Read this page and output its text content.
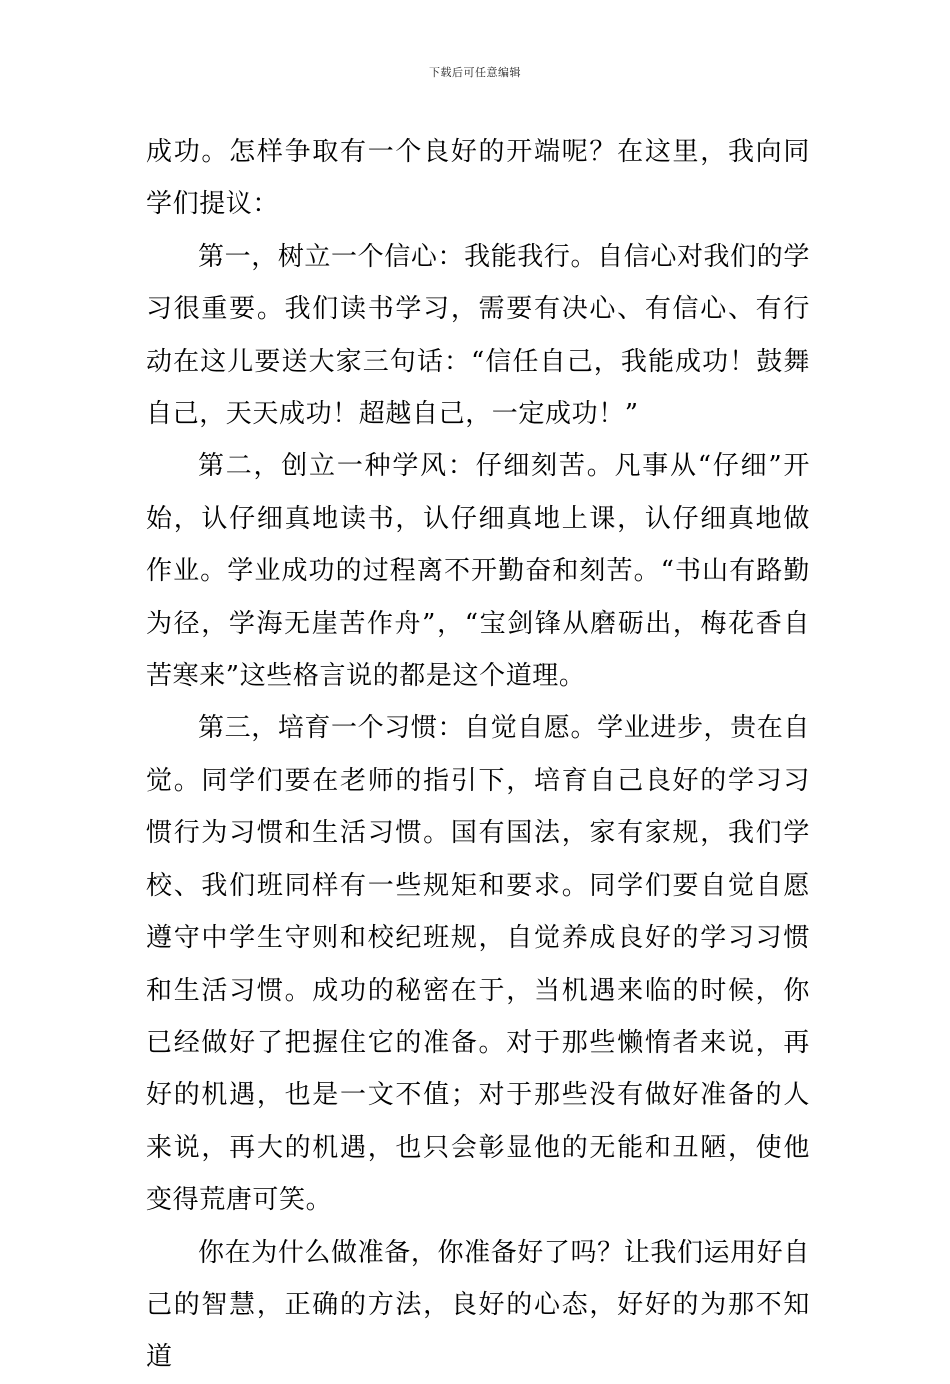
下载后可任意编辑

成功。怎样争取有一个良好的开端呢？在这里，我向同学们提议：

第一，树立一个信心：我能我行。自信心对我们的学习很重要。我们读书学习，需要有决心、有信心、有行动在这儿要送大家三句话：“信任自己，我能成功！鼓舞自己，天天成功！超越自己，一定成功！”

第二，创立一种学风：仔细刻苦。凡事从“仔细”开始，认仔细真地读书，认仔细真地上课，认仔细真地做作业。学业成功的过程离不开勤奋和刻苦。“书山有路勤为径，学海无崖苦作舟”，“宝剑锋从磨砺出，梅花香自苦寒来”这些格言说的都是这个道理。

第三，培育一个习惯：自觉自愿。学业进步，贵在自觉。同学们要在老师的指引下，培育自己良好的学习习惯行为习惯和生活习惯。国有国法，家有家规，我们学校、我们班同样有一些规矩和要求。同学们要自觉自愿遵守中学生守则和校纪班规，自觉养成良好的学习习惯和生活习惯。成功的秘密在于，当机遇来临的时候，你已经做好了把握住它的准备。对于那些懒惰者来说，再好的机遇，也是一文不值；对于那些没有做好准备的人来说，再大的机遇，也只会彰显他的无能和丑陋，使他变得荒唐可笑。

你在为什么做准备，你准备好了吗？让我们运用好自己的智慧，正确的方法，良好的心态，好好的为那不知道
